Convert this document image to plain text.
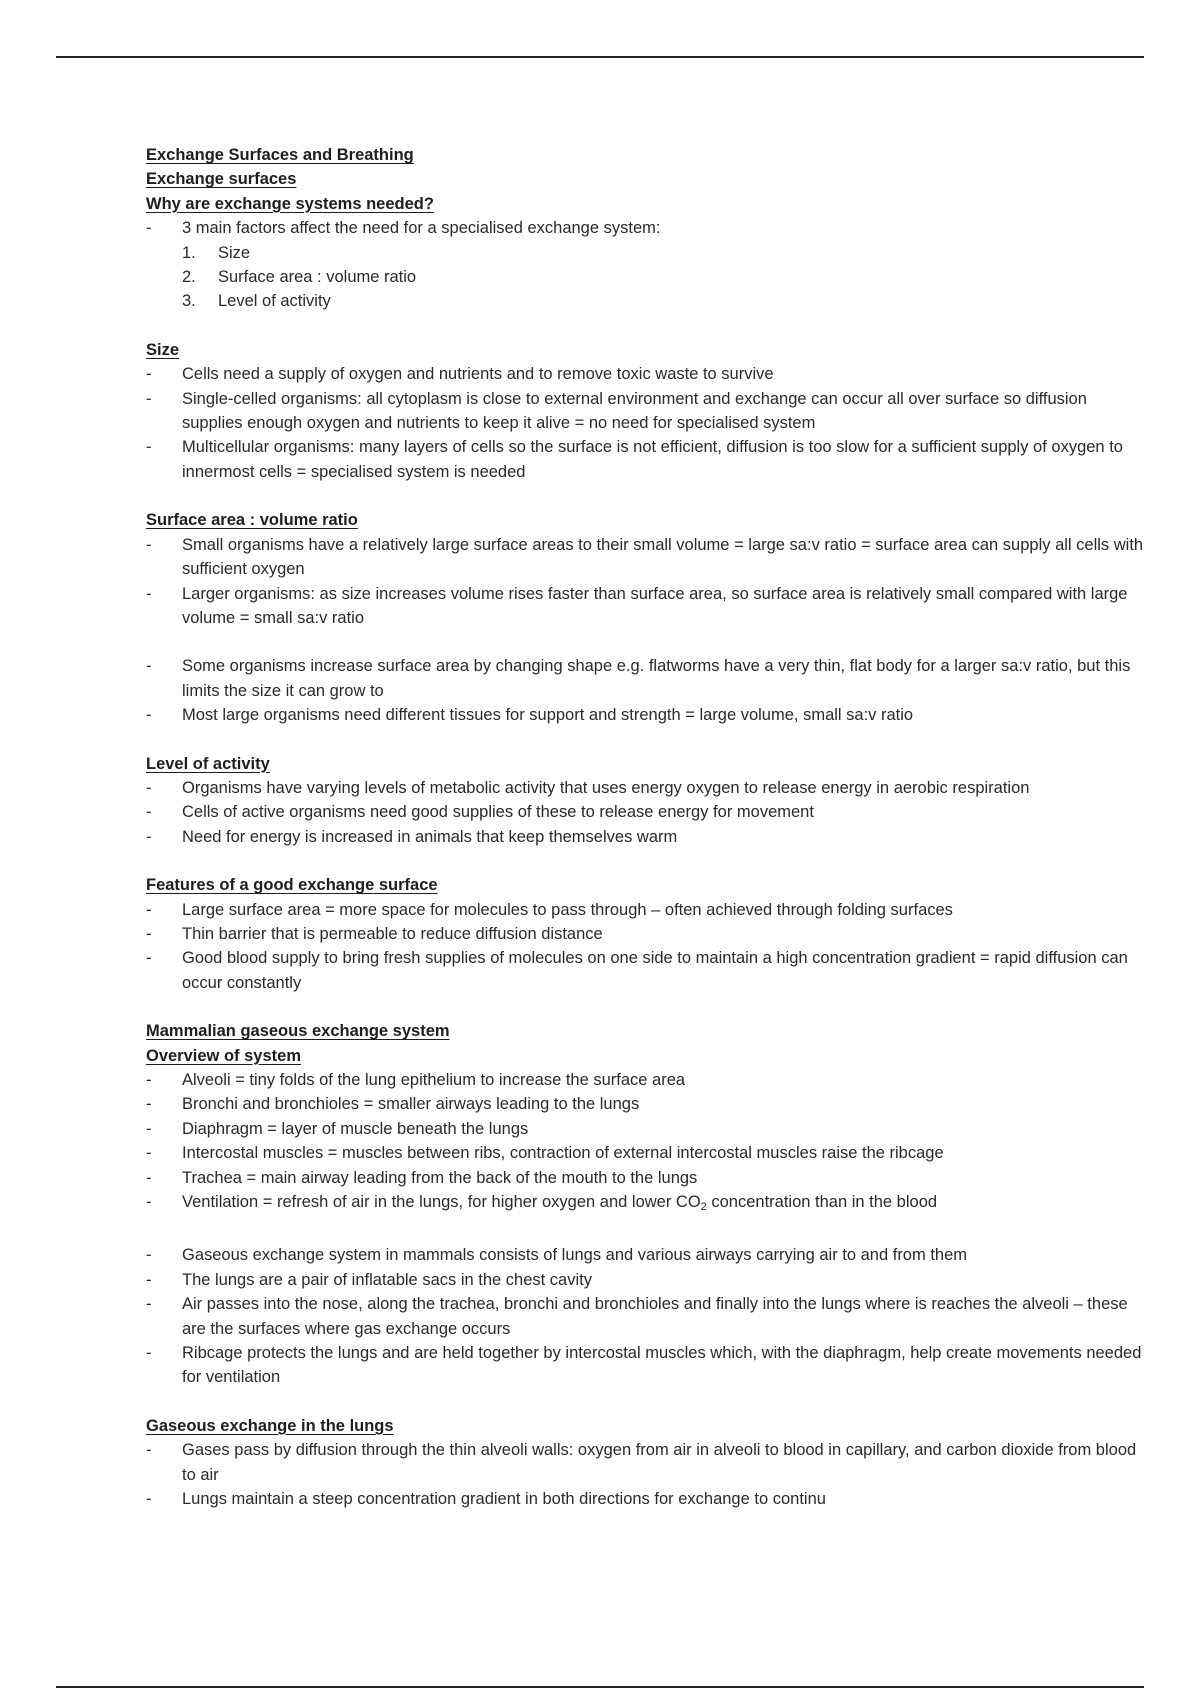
Exchange Surfaces and Breathing

Exchange surfaces

Why are exchange systems needed?

- 3 main factors affect the need for a specialised exchange system:
1. Size
2. Surface area : volume ratio
3. Level of activity

Size

- Cells need a supply of oxygen and nutrients and to remove toxic waste to survive
- Single-celled organisms: all cytoplasm is close to external environment and exchange can occur all over surface so diffusion supplies enough oxygen and nutrients to keep it alive = no need for specialised system
- Multicellular organisms: many layers of cells so the surface is not efficient, diffusion is too slow for a sufficient supply of oxygen to innermost cells = specialised system is needed

Surface area : volume ratio

- Small organisms have a relatively large surface areas to their small volume = large sa:v ratio = surface area can supply all cells with sufficient oxygen
- Larger organisms: as size increases volume rises faster than surface area, so surface area is relatively small compared with large volume = small sa:v ratio
- Some organisms increase surface area by changing shape e.g. flatworms have a very thin, flat body for a larger sa:v ratio, but this limits the size it can grow to
- Most large organisms need different tissues for support and strength = large volume, small sa:v ratio

Level of activity

- Organisms have varying levels of metabolic activity that uses energy oxygen to release energy in aerobic respiration
- Cells of active organisms need good supplies of these to release energy for movement
- Need for energy is increased in animals that keep themselves warm

Features of a good exchange surface

- Large surface area = more space for molecules to pass through – often achieved through folding surfaces
- Thin barrier that is permeable to reduce diffusion distance
- Good blood supply to bring fresh supplies of molecules on one side to maintain a high concentration gradient = rapid diffusion can occur constantly

Mammalian gaseous exchange system

Overview of system

- Alveoli = tiny folds of the lung epithelium to increase the surface area
- Bronchi and bronchioles = smaller airways leading to the lungs
- Diaphragm = layer of muscle beneath the lungs
- Intercostal muscles = muscles between ribs, contraction of external intercostal muscles raise the ribcage
- Trachea = main airway leading from the back of the mouth to the lungs
- Ventilation = refresh of air in the lungs, for higher oxygen and lower $CO_2$ concentration than in the blood
- Gaseous exchange system in mammals consists of lungs and various airways carrying air to and from them
- The lungs are a pair of inflatable sacs in the chest cavity
- Air passes into the nose, along the trachea, bronchi and bronchioles and finally into the lungs where is reaches the alveoli – these are the surfaces where gas exchange occurs
- Ribcage protects the lungs and are held together by intercostal muscles which, with the diaphragm, help create movements needed for ventilation

Gaseous exchange in the lungs

- Gases pass by diffusion through the thin alveoli walls: oxygen from air in alveoli to blood in capillary, and carbon dioxide from blood to air
- Lungs maintain a steep concentration gradient in both directions for exchange to continu
